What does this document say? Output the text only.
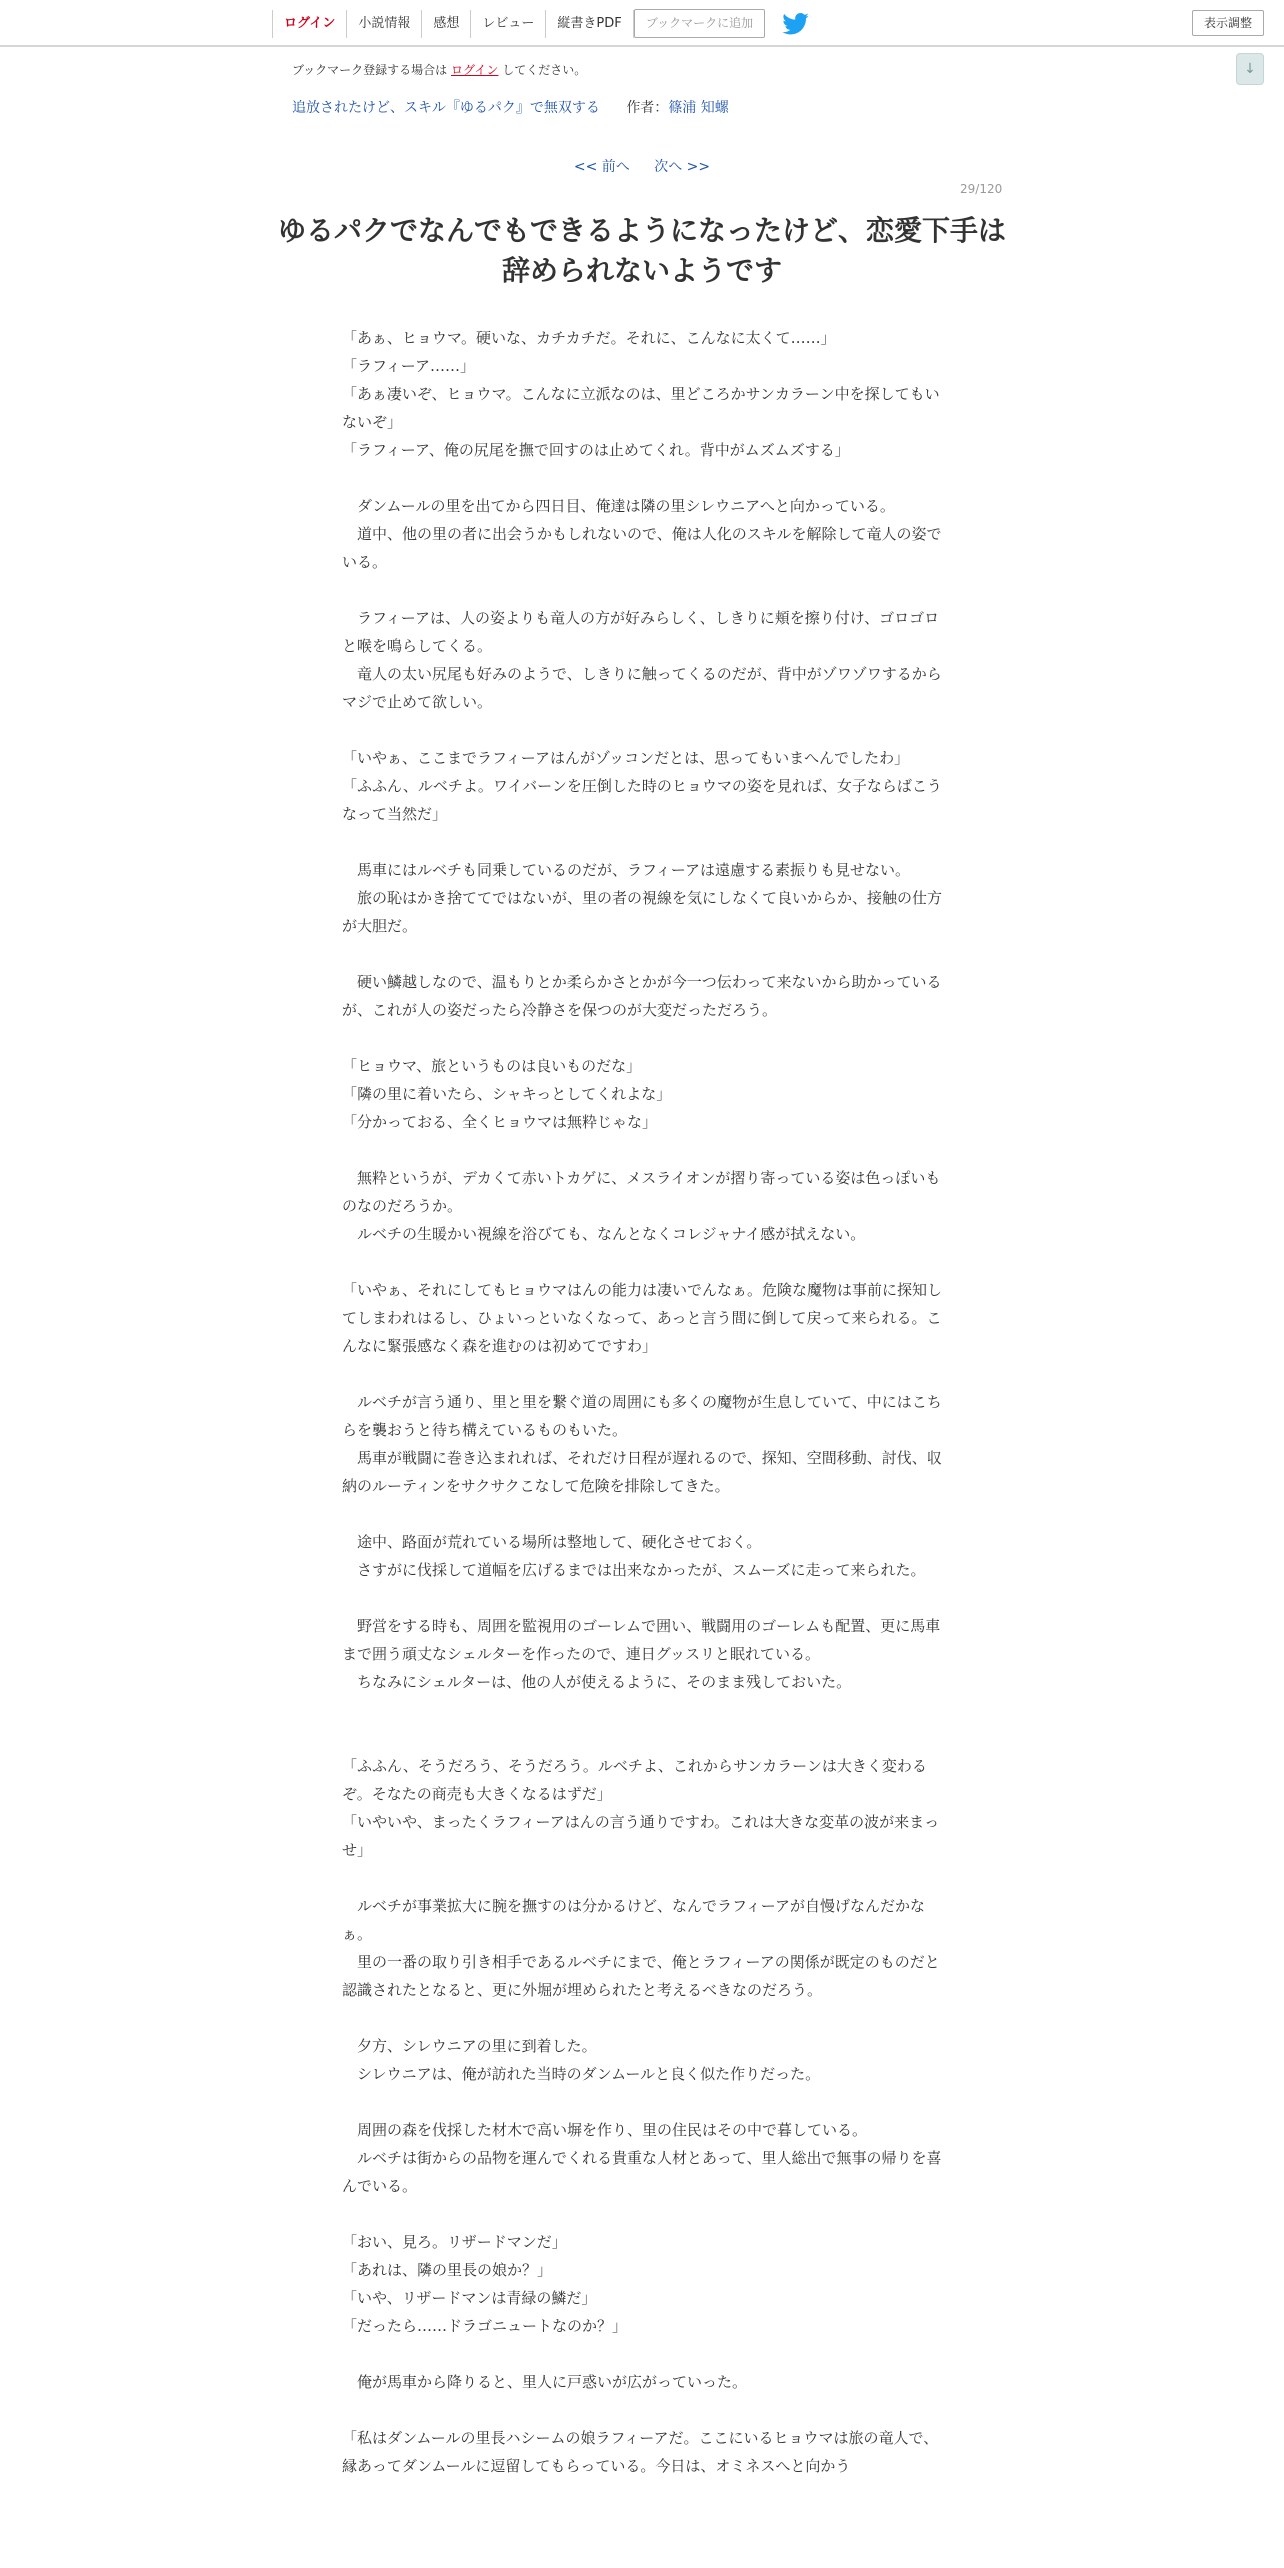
ログイン	小説情報	感想	レビュー	縦書きPDF	ブックマークに追加	表示調整
ブックマーク登録する場合は ログイン してください。	↓
追放されたけど、スキル『ゆるパク』で無双する 作者：篠浦 知螺
<< 前へ 次へ >>
29/120
ゆるパクでなんでもできるようになったけど、恋愛下手は
辞められないようです

「あぁ、ヒョウマ。硬いな、カチカチだ。それに、こんなに太くて……」

「ラフィーア……」

「あぁ凄いぞ、ヒョウマ。こんなに立派なのは、里どころかサンカラーン中を探してもいないぞ」

「ラフィーア、俺の尻尾を撫で回すのは止めてくれ。背中がムズムズする」

　ダンムールの里を出てから四日目、俺達は隣の里シレウニアへと向かっている。

　道中、他の里の者に出会うかもしれないので、俺は人化のスキルを解除して竜人の姿でいる。

　ラフィーアは、人の姿よりも竜人の方が好みらしく、しきりに頬を擦り付け、ゴロゴロと喉を鳴らしてくる。

　竜人の太い尻尾も好みのようで、しきりに触ってくるのだが、背中がゾワゾワするからマジで止めて欲しい。

「いやぁ、ここまでラフィーアはんがゾッコンだとは、思ってもいまへんでしたわ」

「ふふん、ルベチよ。ワイバーンを圧倒した時のヒョウマの姿を見れば、女子ならばこうなって当然だ」

　馬車にはルベチも同乗しているのだが、ラフィーアは遠慮する素振りも見せない。

　旅の恥はかき捨ててではないが、里の者の視線を気にしなくて良いからか、接触の仕方が大胆だ。

　硬い鱗越しなので、温もりとか柔らかさとかが今一つ伝わって来ないから助かっているが、これが人の姿だったら冷静さを保つのが大変だっただろう。

「ヒョウマ、旅というものは良いものだな」

「隣の里に着いたら、シャキっとしてくれよな」

「分かっておる、全くヒョウマは無粋じゃな」

　無粋というが、デカくて赤いトカゲに、メスライオンが摺り寄っている姿は色っぽいものなのだろうか。

　ルベチの生暖かい視線を浴びても、なんとなくコレジャナイ感が拭えない。

「いやぁ、それにしてもヒョウマはんの能力は凄いでんなぁ。危険な魔物は事前に探知してしまわれはるし、ひょいっといなくなって、あっと言う間に倒して戻って来られる。こんなに緊張感なく森を進むのは初めてですわ」

　ルベチが言う通り、里と里を繋ぐ道の周囲にも多くの魔物が生息していて、中にはこちらを襲おうと待ち構えているものもいた。

　馬車が戦闘に巻き込まれれば、それだけ日程が遅れるので、探知、空間移動、討伐、収納のルーティンをサクサクこなして危険を排除してきた。

　途中、路面が荒れている場所は整地して、硬化させておく。

　さすがに伐採して道幅を広げるまでは出来なかったが、スムーズに走って来られた。

　野営をする時も、周囲を監視用のゴーレムで囲い、戦闘用のゴーレムも配置、更に馬車まで囲う頑丈なシェルターを作ったので、連日グッスリと眠れている。

　ちなみにシェルターは、他の人が使えるように、そのまま残しておいた。

「ふふん、そうだろう、そうだろう。ルベチよ、これからサンカラーンは大きく変わるぞ。そなたの商売も大きくなるはずだ」

「いやいや、まったくラフィーアはんの言う通りですわ。これは大きな変革の波が来まっせ」

　ルベチが事業拡大に腕を撫すのは分かるけど、なんでラフィーアが自慢げなんだかなぁ。

　里の一番の取り引き相手であるルベチにまで、俺とラフィーアの関係が既定のものだと認識されたとなると、更に外堀が埋められたと考えるべきなのだろう。

　夕方、シレウニアの里に到着した。

　シレウニアは、俺が訪れた当時のダンムールと良く似た作りだった。

　周囲の森を伐採した材木で高い塀を作り、里の住民はその中で暮している。

　ルベチは街からの品物を運んでくれる貴重な人材とあって、里人総出で無事の帰りを喜んでいる。

「おい、見ろ。リザードマンだ」

「あれは、隣の里長の娘か？」

「いや、リザードマンは青緑の鱗だ」

「だったら……ドラゴニュートなのか？」

　俺が馬車から降りると、里人に戸惑いが広がっていった。

「私はダンムールの里長ハシームの娘ラフィーアだ。ここにいるヒョウマは旅の竜人で、縁あってダンムールに逗留してもらっている。今日は、オミネスへと向かう
